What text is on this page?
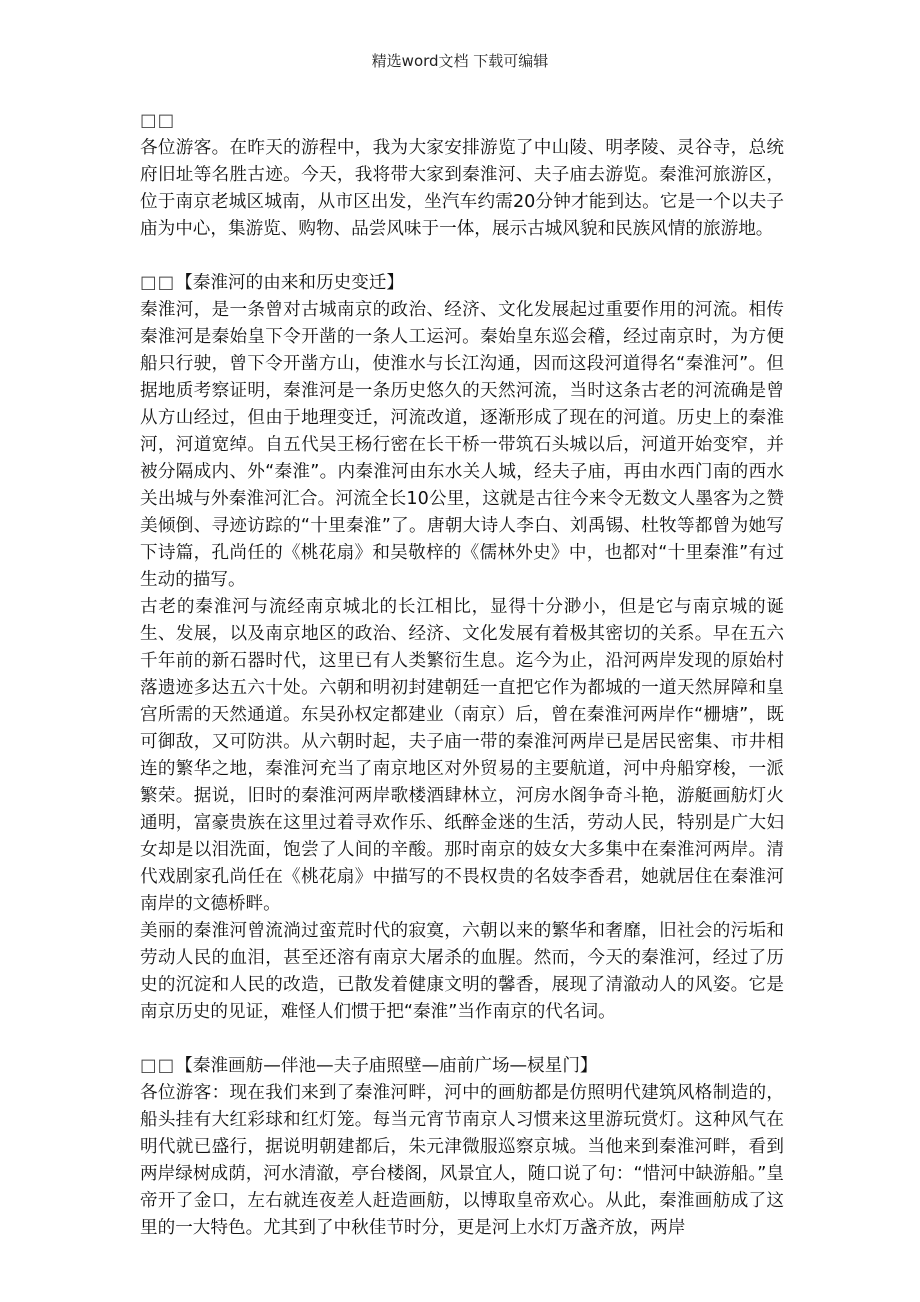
精选word文档 下载可编辑
□□

各位游客。在昨天的游程中，我为大家安排游览了中山陵、明孝陵、灵谷寺，总统府旧址等名胜古迹。今天，我将带大家到秦淮河、夫子庙去游览。秦淮河旅游区，位于南京老城区城南，从市区出发，坐汽车约需20分钟才能到达。它是一个以夫子庙为中心，集游览、购物、品尝风味于一体，展示古城风貌和民族风情的旅游地。

□□【秦淮河的由来和历史变迁】

秦淮河，是一条曾对古城南京的政治、经济、文化发展起过重要作用的河流。相传秦淮河是秦始皇下令开凿的一条人工运河。秦始皇东巡会稽，经过南京时，为方便船只行驶，曾下令开凿方山，使淮水与长江沟通，因而这段河道得名“秦淮河”。但据地质考察证明，秦淮河是一条历史悠久的天然河流，当时这条古老的河流确是曾从方山经过，但由于地理变迁，河流改道，逐渐形成了现在的河道。历史上的秦淮河，河道宽绰。自五代吴王杨行密在长干桥一带筑石头城以后，河道开始变窄，并被分隔成内、外“秦淮”。内秦淮河由东水关人城，经夫子庙，再由水西门南的西水关出城与外秦淮河汇合。河流全长10公里，这就是古往今来令无数文人墨客为之赞美倾倒、寻迹访踪的“十里秦淮”了。唐朝大诗人李白、刘禹锡、杜牧等都曾为她写下诗篇，孔尚任的《桃花扇》和吴敬梓的《儒林外史》中，也都对“十里秦淮”有过生动的描写。

古老的秦淮河与流经南京城北的长江相比，显得十分渺小，但是它与南京城的诞生、发展，以及南京地区的政治、经济、文化发展有着极其密切的关系。早在五六千年前的新石器时代，这里已有人类繁衍生息。迄今为止，沿河两岸发现的原始村落遗迹多达五六十处。六朝和明初封建朝廷一直把它作为都城的一道天然屏障和皇宫所需的天然通道。东吴孙权定都建业（南京）后，曾在秦淮河两岸作“栅塘”，既可御敌，又可防洪。从六朝时起，夫子庙一带的秦淮河两岸已是居民密集、市井相连的繁华之地，秦淮河充当了南京地区对外贸易的主要航道，河中舟船穿梭，一派繁荣。据说，旧时的秦淮河两岸歌楼酒肆林立，河房水阁争奇斗艳，游艇画舫灯火通明，富豪贵族在这里过着寻欢作乐、纸醉金迷的生活，劳动人民，特别是广大妇女却是以泪洗面，饱尝了人间的辛酸。那时南京的妓女大多集中在秦淮河两岸。清代戏剧家孔尚任在《桃花扇》中描写的不畏权贵的名妓李香君，她就居住在秦淮河南岸的文德桥畔。

美丽的秦淮河曾流淌过蛮荒时代的寂寞，六朝以来的繁华和奢靡，旧社会的污垢和劳动人民的血泪，甚至还溶有南京大屠杀的血腥。然而，今天的秦淮河，经过了历史的沉淀和人民的改造，已散发着健康文明的馨香，展现了清澈动人的风姿。它是南京历史的见证，难怪人们惯于把“秦淮”当作南京的代名词。

□□【秦淮画舫—伴池—夫子庙照壁—庙前广场—棂星门】

各位游客：现在我们来到了秦淮河畔，河中的画舫都是仿照明代建筑风格制造的，船头挂有大红彩球和红灯笼。每当元宵节南京人习惯来这里游玩赏灯。这种风气在明代就已盛行，据说明朝建都后，朱元津微服巡察京城。当他来到秦淮河畔，看到两岸绿树成荫，河水清澈，亭台楼阁，风景宜人，随口说了句：“惜河中缺游船。”皇帝开了金口，左右就连夜差人赶造画舫，以博取皇帝欢心。从此，秦淮画舫成了这里的一大特色。尤其到了中秋佳节时分，更是河上水灯万盏齐放，两岸
